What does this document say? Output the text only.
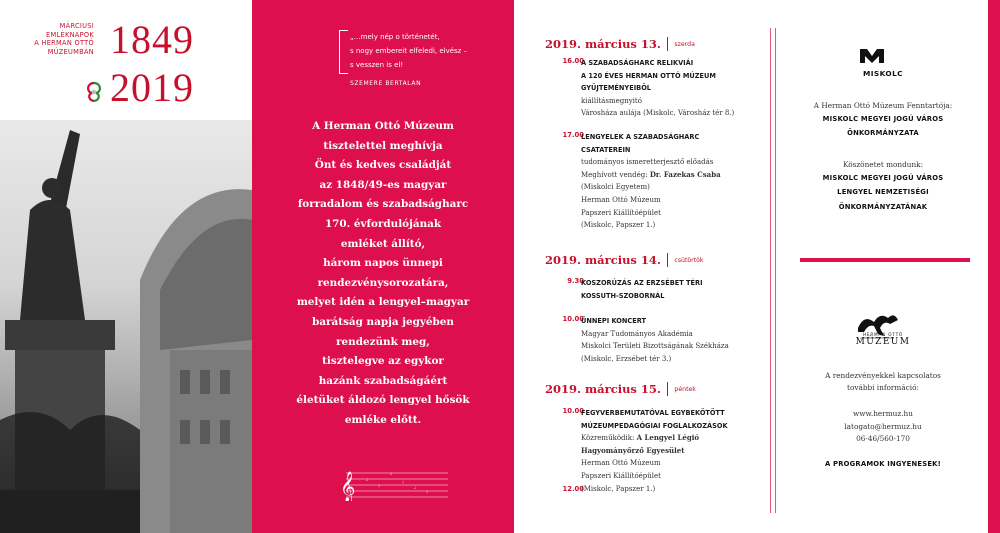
MÁRCIUSI
EMLÉKNAPOK
A HERMAN OTTÓ
MÚZEUMBAN 1849
2019
„…mely nép o történetét,
s nogy embereit elfeledi, elvész –
s vesszen is el!
SZEMERE BERTALAN
A Herman Ottó Múzeum
tisztelettel meghívja
Önt és kedves családját
az 1848/49-es magyar
forradalom és szabadságharc
170. évfordulójának
emléket állító,
három napos ünnepi
rendezvénysorozatára,
melyet idén a lengyel–magyar
barátság napja jegyében
rendezünk meg,
tisztelegve az egykor
hazánk szabadságáért
életüket áldozó lengyel hősök
emléke előtt.
𝄞	♩
♩
♩
♩
♩
♩
2019. március 13. szerda
2019. március 14. csütörtök
2019. március 15. péntek
16.00
A SZABADSÁGHARC RELIKVIÁI
A 120 ÉVES HERMAN OTTÓ MÚZEUM
GYŰJTEMÉNYEIBŐL
kiállításmegnyitó
Városháza aulája (Miskolc, Városház tér 8.)
17.00
LENGYELEK A SZABADSÁGHARC
CSATATEREIN
tudományos ismeretterjesztő előadás
Meghívott vendég: Dr. Fazekas Csaba
(Miskolci Egyetem)
Herman Ottó Múzeum
Papszeri Kiállítóépület
(Miskolc, Papszer 1.)
9.30
KOSZORÚZÁS AZ ERZSÉBET TÉRI
KOSSUTH-SZOBORNÁL
10.00
ÜNNEPI KONCERT
Magyar Tudományos Akadémia
Miskolci Területi Bizottságának Székháza
(Miskolc, Erzsébet tér 3.)
10.00
12.00
FEGYVERBEMUTATÓVAL EGYBEKÖTÖTT
MÚZEUMPEDAGÓGIAI FOGLALKOZÁSOK
Közreműködik: A Lengyel Légió
Hagyományőrző Egyesület
Herman Ottó Múzeum
Papszeri Kiállítóépület
(Miskolc, Papszer 1.)
MISKOLC
A Herman Ottó Múzeum Fenntartója:
MISKOLC MEGYEI JOGÚ VÁROS
ÖNKORMÁNYZATA
Köszönetet mondunk:
MISKOLC MEGYEI JOGÚ VÁROS
LENGYEL NEMZETISÉGI
ÖNKORMÁNYZATÁNAK
HERMAN OTTÓ
MÚZEUM
A rendezvényekkel kapcsolatos
további információ:
www.hermuz.hu
latogato@hermuz.hu
06-46/560-170
A PROGRAMOK INGYENESEK!
